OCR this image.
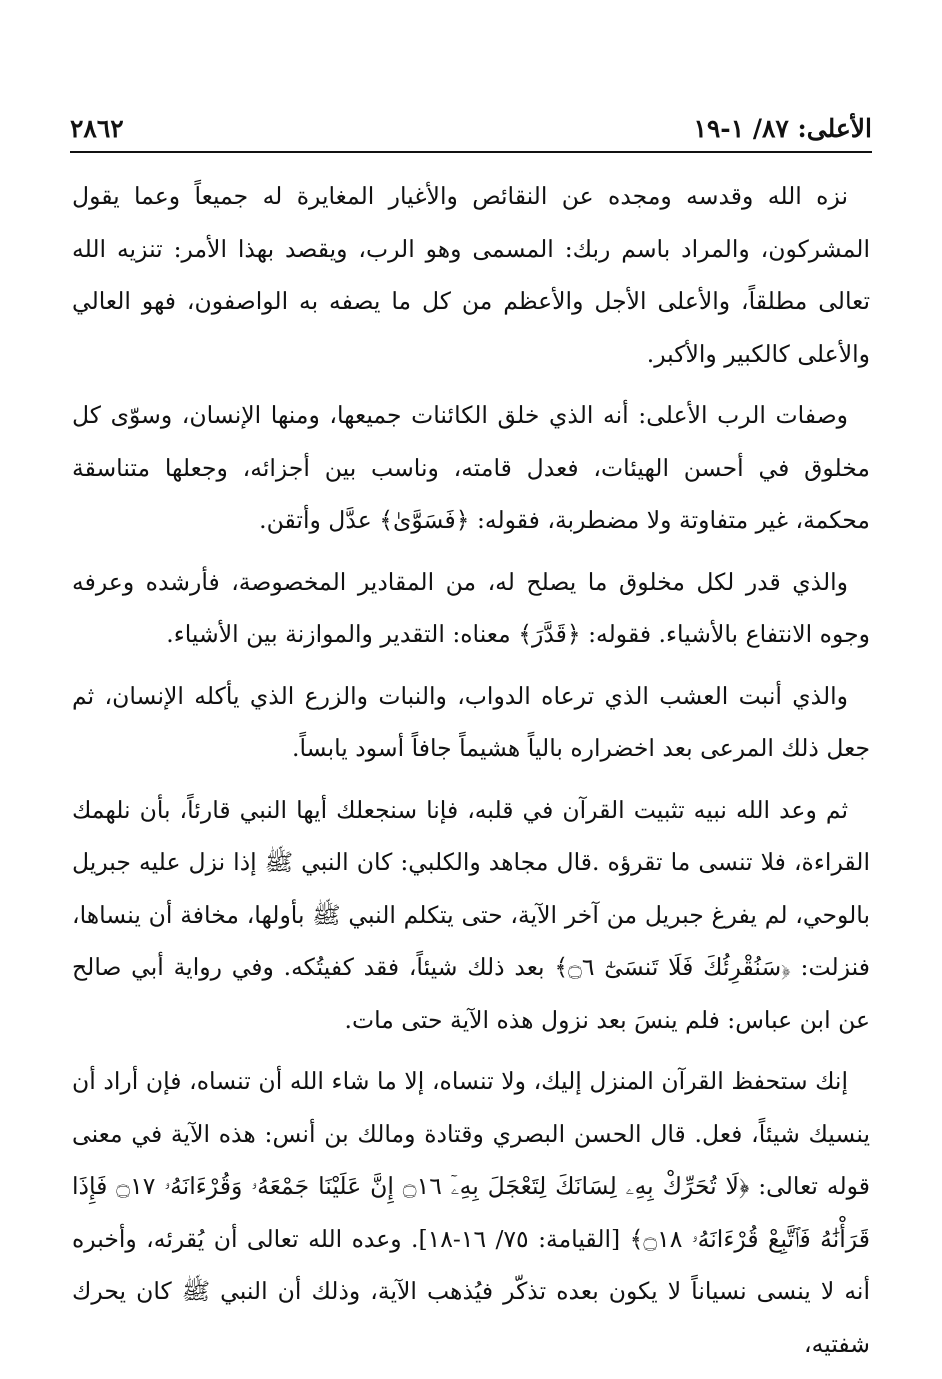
٢٨٦٢	الأعلى: ٨٧/ ١-١٩

نزه الله وقدسه ومجده عن النقائص والأغيار المغايرة له جميعاً وعما يقول المشركون، والمراد باسم ربك: المسمى وهو الرب، ويقصد بهذا الأمر: تنزيه الله تعالى مطلقاً، والأعلى الأجل والأعظم من كل ما يصفه به الواصفون، فهو العالي والأعلى كالكبير والأكبر.

وصفات الرب الأعلى: أنه الذي خلق الكائنات جميعها، ومنها الإنسان، وسوّى كل مخلوق في أحسن الهيئات، فعدل قامته، وناسب بين أجزائه، وجعلها متناسقة محكمة، غير متفاوتة ولا مضطربة، فقوله: ﴿فَسَوَّىٰ﴾ عدَّل وأتقن.

والذي قدر لكل مخلوق ما يصلح له، من المقادير المخصوصة، فأرشده وعرفه وجوه الانتفاع بالأشياء. فقوله: ﴿قَدَّرَ﴾ معناه: التقدير والموازنة بين الأشياء.

والذي أنبت العشب الذي ترعاه الدواب، والنبات والزرع الذي يأكله الإنسان، ثم جعل ذلك المرعى بعد اخضراره بالياً هشيماً جافاً أسود يابساً.

ثم وعد الله نبيه تثبيت القرآن في قلبه، فإنا سنجعلك أيها النبي قارئاً، بأن نلهمك القراءة، فلا تنسى ما تقرؤه .قال مجاهد والكلبي: كان النبي ﷺ إذا نزل عليه جبريل بالوحي، لم يفرغ جبريل من آخر الآية، حتى يتكلم النبي ﷺ بأولها، مخافة أن ينساها، فنزلت: ﴿سَنُقْرِئُكَ فَلَا تَنسَىٰٓ ۝٦﴾ بعد ذلك شيئاً، فقد كفيتُكه. وفي رواية أبي صالح عن ابن عباس: فلم ينسَ بعد نزول هذه الآية حتى مات.

إنك ستحفظ القرآن المنزل إليك، ولا تنساه، إلا ما شاء الله أن تنساه، فإن أراد أن ينسيك شيئاً، فعل. قال الحسن البصري وقتادة ومالك بن أنس: هذه الآية في معنى قوله تعالى: ﴿لَا تُحَرِّكْ بِهِۦ لِسَانَكَ لِتَعْجَلَ بِهِۦٓ ۝١٦ إِنَّ عَلَيْنَا جَمْعَهُۥ وَقُرْءَانَهُۥ ۝١٧ فَإِذَا قَرَأْنَٰهُ فَٱتَّبِعْ قُرْءَانَهُۥ ۝١٨﴾ [القيامة: ٧٥/ ١٦-١٨]. وعده الله تعالى أن يُقرئه، وأخبره أنه لا ينسى نسياناً لا يكون بعده تذكّر فيُذهب الآية، وذلك أن النبي ﷺ كان يحرك شفتيه،
